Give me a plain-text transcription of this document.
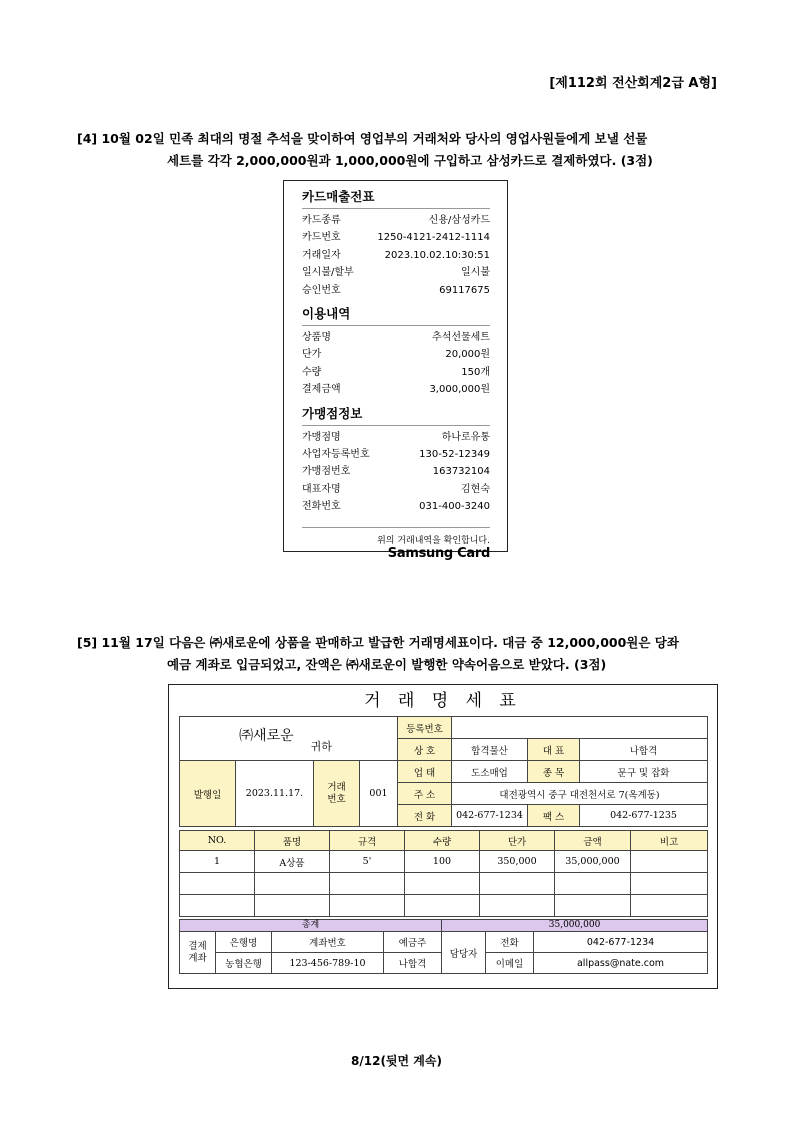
[제112회 전산회계2급 A형]
[4] 10월 02일 민족 최대의 명절 추석을 맞이하여 영업부의 거래처와 당사의 영업사원들에게 보낼 선물
세트를 각각 2,000,000원과 1,000,000원에 구입하고 삼성카드로 결제하였다. (3점)
카드매출전표
카드종류	신용/삼성카드
카드번호	1250-4121-2412-1114
거래일자	2023.10.02.10:30:51
일시불/할부	일시불
승인번호	69117675
이용내역
상품명	추석선물세트
단가	20,000원
수량	150개
결제금액	3,000,000원
가맹점정보
가맹점명	하나로유통
사업자등록번호	130-52-12349
가맹점번호	163732104
대표자명	김현숙
전화번호	031-400-3240
위의 거래내역을 확인합니다.
Samsung Card
[5] 11월 17일 다음은 ㈜새로운에 상품을 판매하고 발급한 거래명세표이다. 대금 중 12,000,000원은 당좌
예금 계좌로 입금되었고, 잔액은 ㈜새로운이 발행한 약속어음으로 받았다. (3점)
거 래 명 세 표
㈜새로운 귀하				등록번호			
				상 호	합격물산	대 표	나합격
발행일	2023.11.17.	거래
번호	001	업 태	도소매업	종 목	문구 및 잡화
				주 소	대전광역시 중구 대전천서로 7(옥계동)		
				전 화	042-677-1234	팩 스	042-677-1235
NO.	품명	규격	수량	단가	금액	비고
1	A상품	5'	100	350,000	35,000,000	

총계				35,000,000		
결제
계좌	은행명	계좌번호	예금주	담당자	전화	042-677-1234
	농협은행	123-456-789-10	나합격		이메일	allpass@nate.com
8/12(뒷면 계속)
